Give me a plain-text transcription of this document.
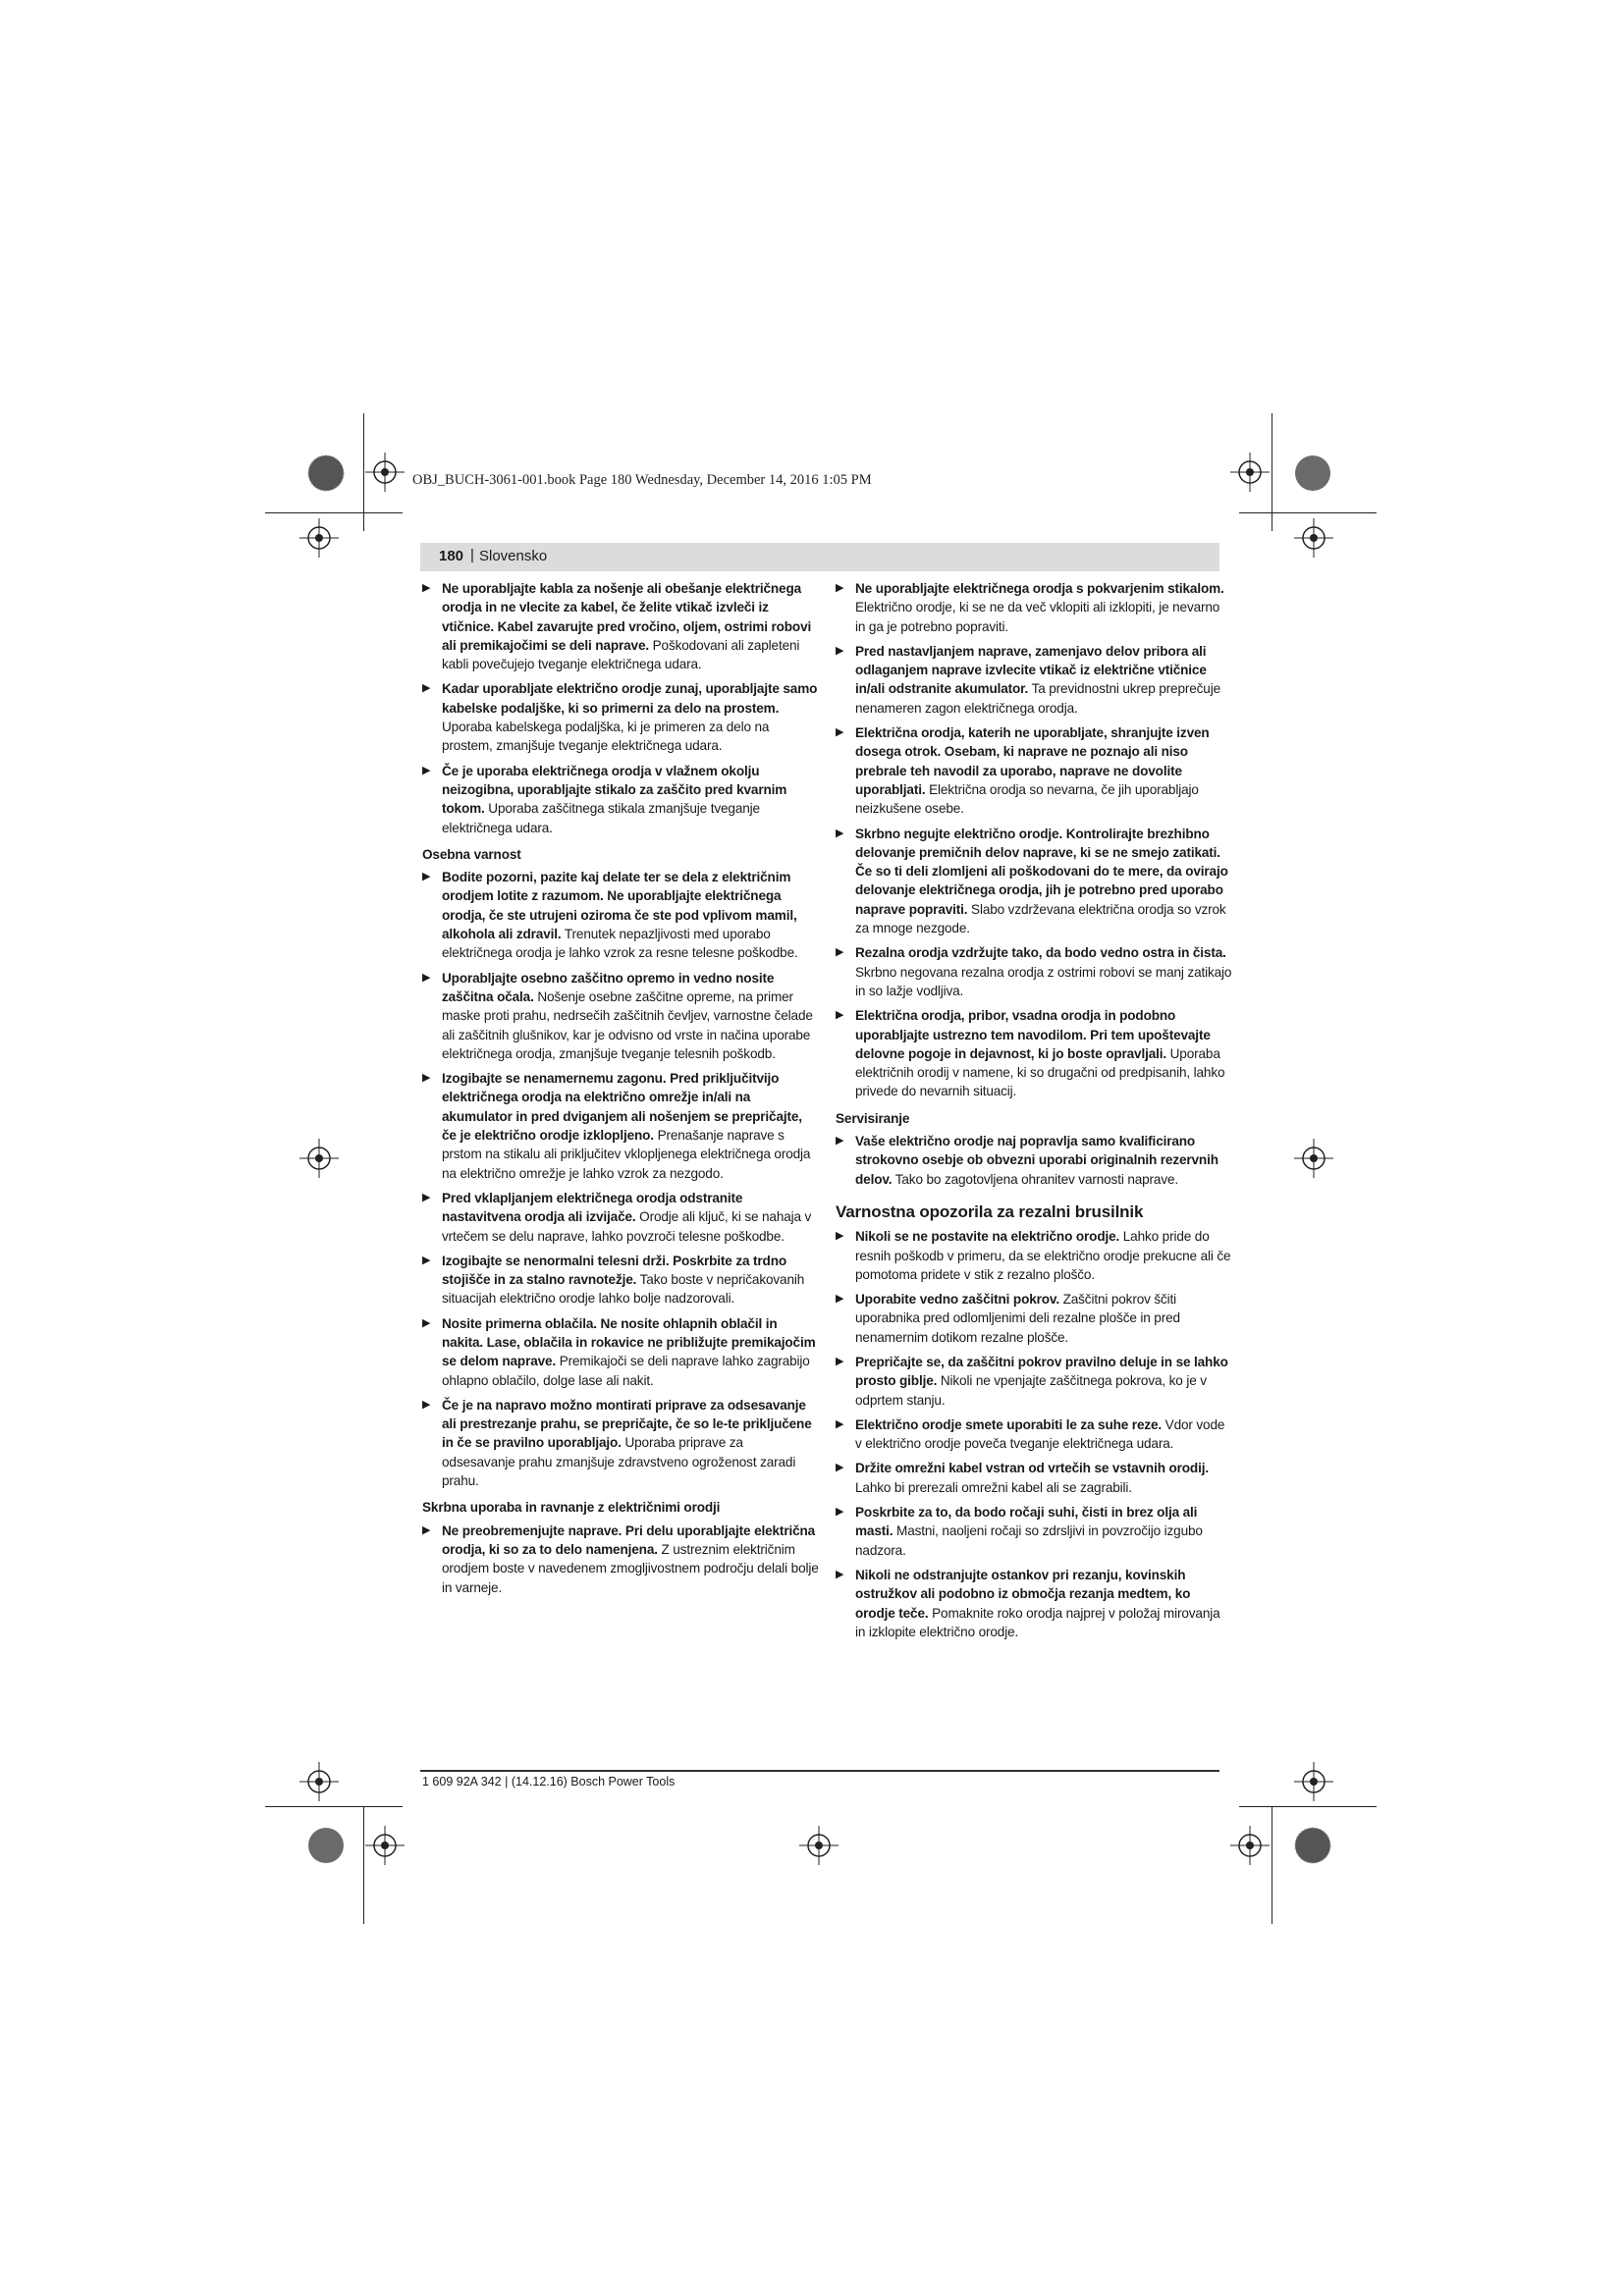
OBJ_BUCH-3061-001.book Page 180 Wednesday, December 14, 2016 1:05 PM
180 | Slovensko
▶ Ne uporabljajte kabla za nošenje ali obešanje električnega orodja in ne vlecite za kabel, če želite vtikač izvleči iz vtičnice. Kabel zavarujte pred vročino, oljem, ostrimi robovi ali premikajočimi se deli naprave. Poškodovani ali zapleteni kabli povečujejo tveganje električnega udara.
▶ Kadar uporabljate električno orodje zunaj, uporabljajte samo kabelske podaljške, ki so primerni za delo na prostem. Uporaba kabelskega podaljška, ki je primeren za delo na prostem, zmanjšuje tveganje električnega udara.
▶ Če je uporaba električnega orodja v vlažnem okolju neizogibna, uporabljajte stikalo za zaščito pred kvarnim tokom. Uporaba zaščitnega stikala zmanjšuje tveganje električnega udara.
Osebna varnost
▶ Bodite pozorni, pazite kaj delate ter se dela z električnim orodjem lotite z razumom. Ne uporabljajte električnega orodja, če ste utrujeni oziroma če ste pod vplivom mamil, alkohola ali zdravil. Trenutek nepazljivosti med uporabo električnega orodja je lahko vzrok za resne telesne poškodbe.
▶ Uporabljajte osebno zaščitno opremo in vedno nosite zaščitna očala. Nošenje osebne zaščitne opreme, na primer maske proti prahu, nedrsečih zaščitnih čevljev, varnostne čelade ali zaščitnih glušnikov, kar je odvisno od vrste in načina uporabe električnega orodja, zmanjšuje tveganje telesnih poškodb.
▶ Izogibajte se nenamernemu zagonu. Pred priključitvijo električnega orodja na električno omrežje in/ali na akumulator in pred dviganjem ali nošenjem se prepričajte, če je električno orodje izklopljeno. Prenašanje naprave s prstom na stikalu ali priključitev vklopljenega električnega orodja na električno omrežje je lahko vzrok za nezgodo.
▶ Pred vklapljanjem električnega orodja odstranite nastavitvena orodja ali izvijače. Orodje ali ključ, ki se nahaja v vrtečem se delu naprave, lahko povzroči telesne poškodbe.
▶ Izogibajte se nenormalni telesni drži. Poskrbite za trdno stojišče in za stalno ravnotežje. Tako boste v nepričakovanih situacijah električno orodje lahko bolje nadzorovali.
▶ Nosite primerna oblačila. Ne nosite ohlapnih oblačil in nakita. Lase, oblačila in rokavice ne približujte premikajočim se delom naprave. Premikajoči se deli naprave lahko zagrabijo ohlapno oblačilo, dolge lase ali nakit.
▶ Če je na napravo možno montirati priprave za odsesavanje ali prestrezanje prahu, se prepričajte, če so le-te priključene in če se pravilno uporabljajo. Uporaba priprave za odsesavanje prahu zmanjšuje zdravstveno ogroženost zaradi prahu.
Skrbna uporaba in ravnanje z električnimi orodji
▶ Ne preobremenjujte naprave. Pri delu uporabljajte električna orodja, ki so za to delo namenjena. Z ustreznim električnim orodjem boste v navedenem zmogljivostnem področju delali bolje in varneje.
▶ Ne uporabljajte električnega orodja s pokvarjenim stikalom. Električno orodje, ki se ne da več vklopiti ali izklopiti, je nevarno in ga je potrebno popraviti.
▶ Pred nastavljanjem naprave, zamenjavo delov pribora ali odlaganjem naprave izvlecite vtikač iz električne vtičnice in/ali odstranite akumulator. Ta previdnostni ukrep preprečuje nenameren zagon električnega orodja.
▶ Električna orodja, katerih ne uporabljate, shranjujte izven dosega otrok. Osebam, ki naprave ne poznajo ali niso prebrale teh navodil za uporabo, naprave ne dovolite uporabljati. Električna orodja so nevarna, če jih uporabljajo neizkušene osebe.
▶ Skrbno negujte električno orodje. Kontrolirajte brezhibno delovanje premičnih delov naprave, ki se ne smejo zatikati. Če so ti deli zlomljeni ali poškodovani do te mere, da ovirajo delovanje električnega orodja, jih je potrebno pred uporabo naprave popraviti. Slabo vzdrževana električna orodja so vzrok za mnoge nezgode.
▶ Rezalna orodja vzdržujte tako, da bodo vedno ostra in čista. Skrbno negovana rezalna orodja z ostrimi robovi se manj zatikajo in so lažje vodljiva.
▶ Električna orodja, pribor, vsadna orodja in podobno uporabljajte ustrezno tem navodilom. Pri tem upoštevajte delovne pogoje in dejavnost, ki jo boste opravljali. Uporaba električnih orodij v namene, ki so drugačni od predpisanih, lahko privede do nevarnih situacij.
Servisiranje
▶ Vaše električno orodje naj popravlja samo kvalificirano strokovno osebje ob obvezni uporabi originalnih rezervnih delov. Tako bo zagotovljena ohranitev varnosti naprave.
Varnostna opozorila za rezalni brusilnik
▶ Nikoli se ne postavite na električno orodje. Lahko pride do resnih poškodb v primeru, da se električno orodje prekucne ali če pomotoma pridete v stik z rezalno ploščo.
▶ Uporabite vedno zaščitni pokrov. Zaščitni pokrov ščiti uporabnika pred odlomljenimi deli rezalne plošče in pred nenamernim dotikom rezalne plošče.
▶ Prepričajte se, da zaščitni pokrov pravilno deluje in se lahko prosto giblje. Nikoli ne vpenjajte zaščitnega pokrova, ko je v odprtem stanju.
▶ Električno orodje smete uporabiti le za suhe reze. Vdor vode v električno orodje poveča tveganje električnega udara.
▶ Držite omrežni kabel vstran od vrtečih se vstavnih orodij. Lahko bi prerezali omrežni kabel ali se zagrabili.
▶ Poskrbite za to, da bodo ročaji suhi, čisti in brez olja ali masti. Mastni, naoljeni ročaji so zdrsljivi in povzročijo izgubo nadzora.
▶ Nikoli ne odstranjujte ostankov pri rezanju, kovinskih ostružkov ali podobno iz območja rezanja medtem, ko orodje teče. Pomaknite roko orodja najprej v položaj mirovanja in izklopite električno orodje.
1 609 92A 342 | (14.12.16) Bosch Power Tools
